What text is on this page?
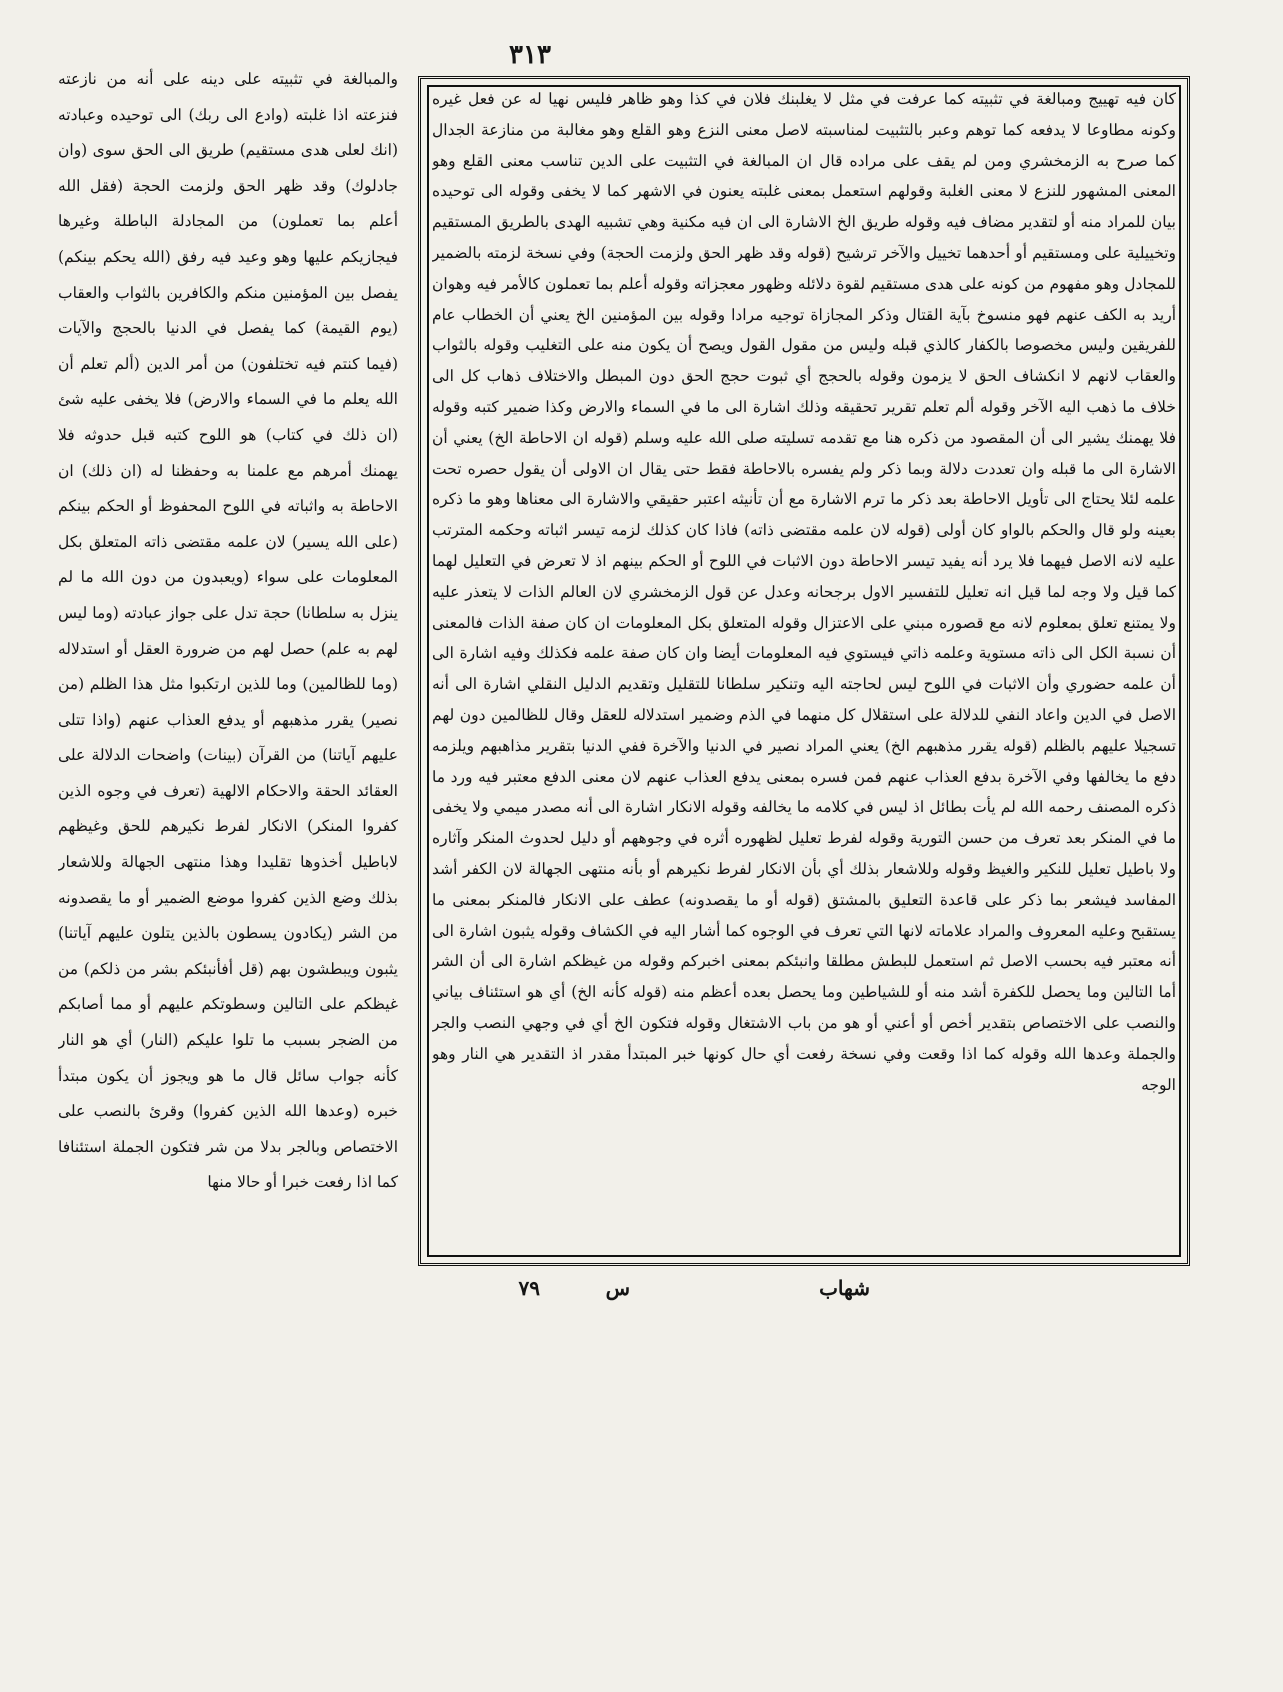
٣١٣

والمبالغة في تثبيته على دينه على أنه من نازعته فنزعته اذا غلبته (وادع الى ربك) الى توحيده وعبادته (انك لعلى هدى مستقيم) طريق الى الحق سوى (وان جادلوك) وقد ظهر الحق ولزمت الحجة (فقل الله أعلم بما تعملون) من المجادلة الباطلة وغيرها فيجازيكم عليها وهو وعيد فيه رفق (الله يحكم بينكم) يفصل بين المؤمنين منكم والكافرين بالثواب والعقاب (يوم القيمة) كما يفصل في الدنيا بالحجج والآيات (فيما كنتم فيه تختلفون) من أمر الدين (ألم تعلم أن الله يعلم ما في السماء والارض) فلا يخفى عليه شئ (ان ذلك في كتاب) هو اللوح كتبه قبل حدوثه فلا يهمنك أمرهم مع علمنا به وحفظنا له (ان ذلك) ان الاحاطة به واثباته في اللوح المحفوظ أو الحكم بينكم (على الله يسير) لان علمه مقتضى ذاته المتعلق بكل المعلومات على سواء (ويعبدون من دون الله ما لم ينزل به سلطانا) حجة تدل على جواز عبادته (وما ليس لهم به علم) حصل لهم من ضرورة العقل أو استدلاله (وما للظالمين) وما للذين ارتكبوا مثل هذا الظلم (من نصير) يقرر مذهبهم أو يدفع العذاب عنهم (واذا تتلى عليهم آياتنا) من القرآن (بينات) واضحات الدلالة على العقائد الحقة والاحكام الالهية (تعرف في وجوه الذين كفروا المنكر) الانكار لفرط نكيرهم للحق وغيظهم لاباطيل أخذوها تقليدا وهذا منتهى الجهالة وللاشعار بذلك وضع الذين كفروا موضع الضمير أو ما يقصدونه من الشر (يكادون يسطون بالذين يتلون عليهم آياتنا) يثبون ويبطشون بهم (قل أفأنبئكم بشر من ذلكم) من غيظكم على التالين وسطوتكم عليهم أو مما أصابكم من الضجر بسبب ما تلوا عليكم (النار) أي هو النار كأنه جواب سائل قال ما هو ويجوز أن يكون مبتدأ خبره (وعدها الله الذين كفروا) وقرئ بالنصب على الاختصاص وبالجر بدلا من شر فتكون الجملة استئنافا كما اذا رفعت خبرا أو حالا منها

كان فيه تهييج ومبالغة في تثبيته كما عرفت في مثل لا يغلبنك فلان في كذا وهو ظاهر فليس نهيا له عن فعل غيره وكونه مطاوعا لا يدفعه كما توهم وعبر بالتثبيت لمناسبته لاصل معنى النزع وهو القلع وهو مغالبة من منازعة الجدال كما صرح به الزمخشري ومن لم يقف على مراده قال ان المبالغة في التثبيت على الدين تناسب معنى القلع وهو المعنى المشهور للنزع لا معنى الغلبة وقولهم استعمل بمعنى غلبته يعنون في الاشهر كما لا يخفى وقوله الى توحيده بيان للمراد منه أو لتقدير مضاف فيه وقوله طريق الخ الاشارة الى ان فيه مكنية وهي تشبيه الهدى بالطريق المستقيم وتخييلية على ومستقيم أو أحدهما تخييل والآخر ترشيح (قوله وقد ظهر الحق ولزمت الحجة) وفي نسخة لزمته بالضمير للمجادل وهو مفهوم من كونه على هدى مستقيم لقوة دلائله وظهور معجزاته وقوله أعلم بما تعملون كالأمر فيه وهوان أريد به الكف عنهم فهو منسوخ بآية القتال وذكر المجازاة توجيه مرادا وقوله بين المؤمنين الخ يعني أن الخطاب عام للفريقين وليس مخصوصا بالكفار كالذي قبله وليس من مقول القول ويصح أن يكون منه على التغليب وقوله بالثواب والعقاب لانهم لا انكشاف الحق لا يزمون وقوله بالحجج أي ثبوت حجج الحق دون المبطل والاختلاف ذهاب كل الى خلاف ما ذهب اليه الآخر وقوله ألم تعلم تقرير تحقيقه وذلك اشارة الى ما في السماء والارض وكذا ضمير كتبه وقوله فلا يهمنك يشير الى أن المقصود من ذكره هنا مع تقدمه تسليته صلى الله عليه وسلم (قوله ان الاحاطة الخ) يعني أن الاشارة الى ما قبله وان تعددت دلالة وبما ذكر ولم يفسره بالاحاطة فقط حتى يقال ان الاولى أن يقول حصره تحت علمه لئلا يحتاج الى تأويل الاحاطة بعد ذكر ما ترم الاشارة مع أن تأنيثه اعتبر حقيقي والاشارة الى معناها وهو ما ذكره بعينه ولو قال والحكم بالواو كان أولى (قوله لان علمه مقتضى ذاته) فاذا كان كذلك لزمه تيسر اثباته وحكمه المترتب عليه لانه الاصل فيهما فلا يرد أنه يفيد تيسر الاحاطة دون الاثبات في اللوح أو الحكم بينهم اذ لا تعرض في التعليل لهما كما قيل ولا وجه لما قيل انه تعليل للتفسير الاول برجحانه وعدل عن قول الزمخشري لان العالم الذات لا يتعذر عليه ولا يمتنع تعلق بمعلوم لانه مع قصوره مبني على الاعتزال وقوله المتعلق بكل المعلومات ان كان صفة الذات فالمعنى أن نسبة الكل الى ذاته مستوية وعلمه ذاتي فيستوي فيه المعلومات أيضا وان كان صفة علمه فكذلك وفيه اشارة الى أن علمه حضوري وأن الاثبات في اللوح ليس لحاجته اليه وتنكير سلطانا للتقليل وتقديم الدليل النقلي اشارة الى أنه الاصل في الدين واعاد النفي للدلالة على استقلال كل منهما في الذم وضمير استدلاله للعقل وقال للظالمين دون لهم تسجيلا عليهم بالظلم (قوله يقرر مذهبهم الخ) يعني المراد نصير في الدنيا والآخرة ففي الدنيا بتقرير مذاهبهم ويلزمه دفع ما يخالفها وفي الآخرة بدفع العذاب عنهم فمن فسره بمعنى يدفع العذاب عنهم لان معنى الدفع معتبر فيه ورد ما ذكره المصنف رحمه الله لم يأت بطائل اذ ليس في كلامه ما يخالفه وقوله الانكار اشارة الى أنه مصدر ميمي ولا يخفى ما في المنكر بعد تعرف من حسن التورية وقوله لفرط تعليل لظهوره أثره في وجوههم أو دليل لحدوث المنكر وآثاره ولا باطيل تعليل للنكير والغيظ وقوله وللاشعار بذلك أي بأن الانكار لفرط نكيرهم أو بأنه منتهى الجهالة لان الكفر أشد المفاسد فيشعر بما ذكر على قاعدة التعليق بالمشتق (قوله أو ما يقصدونه) عطف على الانكار فالمنكر بمعنى ما يستقبح وعليه المعروف والمراد علاماته لانها التي تعرف في الوجوه كما أشار اليه في الكشاف وقوله يثبون اشارة الى أنه معتبر فيه بحسب الاصل ثم استعمل للبطش مطلقا وانبئكم بمعنى اخبركم وقوله من غيظكم اشارة الى أن الشر أما التالين وما يحصل للكفرة أشد منه أو للشياطين وما يحصل بعده أعظم منه (قوله كأنه الخ) أي هو استئناف بياني والنصب على الاختصاص بتقدير أخص أو أعني أو هو من باب الاشتغال وقوله فتكون الخ أي في وجهي النصب والجر والجملة وعدها الله وقوله كما اذا وقعت وفي نسخة رفعت أي حال كونها خبر المبتدأ مقدر اذ التقدير هي النار وهو الوجه

شهاب
س
٧٩
